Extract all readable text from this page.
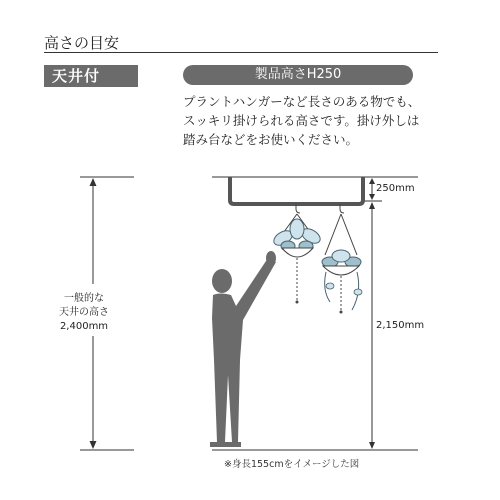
高さの目安
天井付	製品高さH250
プラントハンガーなど長さのある物でも、
スッキリ掛けられる高さです。掛け外しは
踏み台などをお使いください。
一般的な
天井の高さ
2,400mm
250mm
2,150mm
※身長155cmをイメージした図
